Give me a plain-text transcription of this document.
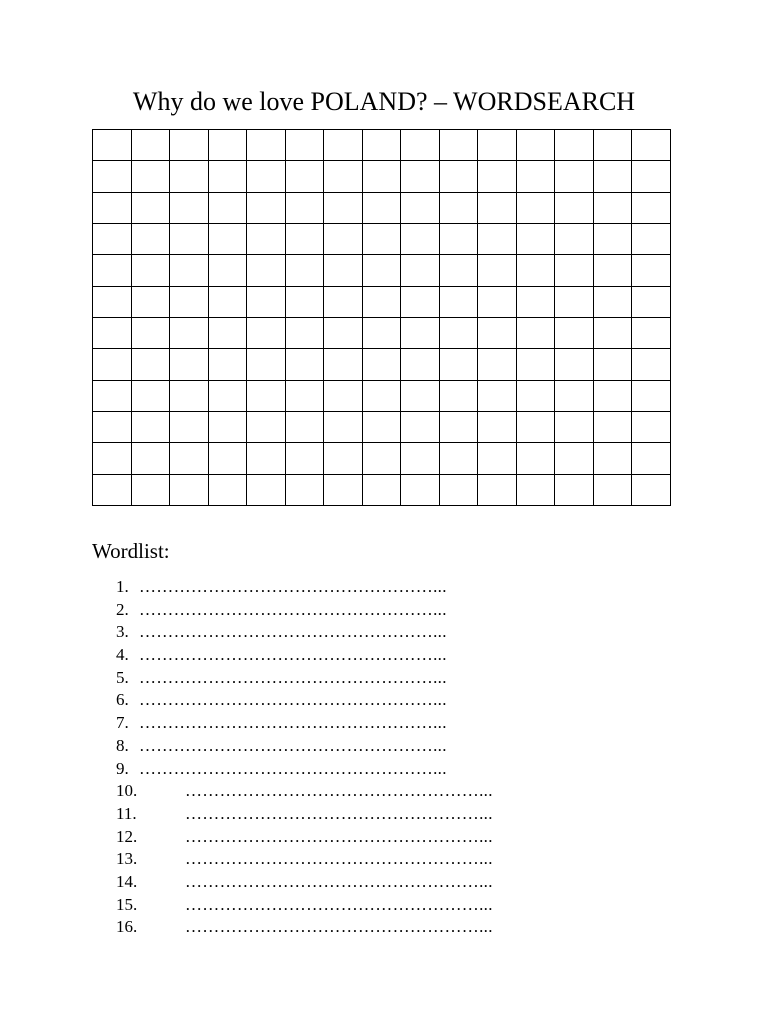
Why do we love POLAND? – WORDSEARCH

Wordlist:
1. ……………………………………………...
2. ……………………………………………...
3. ……………………………………………...
4. ……………………………………………...
5. ……………………………………………...
6. ……………………………………………...
7. ……………………………………………...
8. ……………………………………………...
9. ……………………………………………...
10.	……………………………………………...
11.	……………………………………………...
12.	……………………………………………...
13.	……………………………………………...
14.	……………………………………………...
15.	……………………………………………...
16.	……………………………………………...
